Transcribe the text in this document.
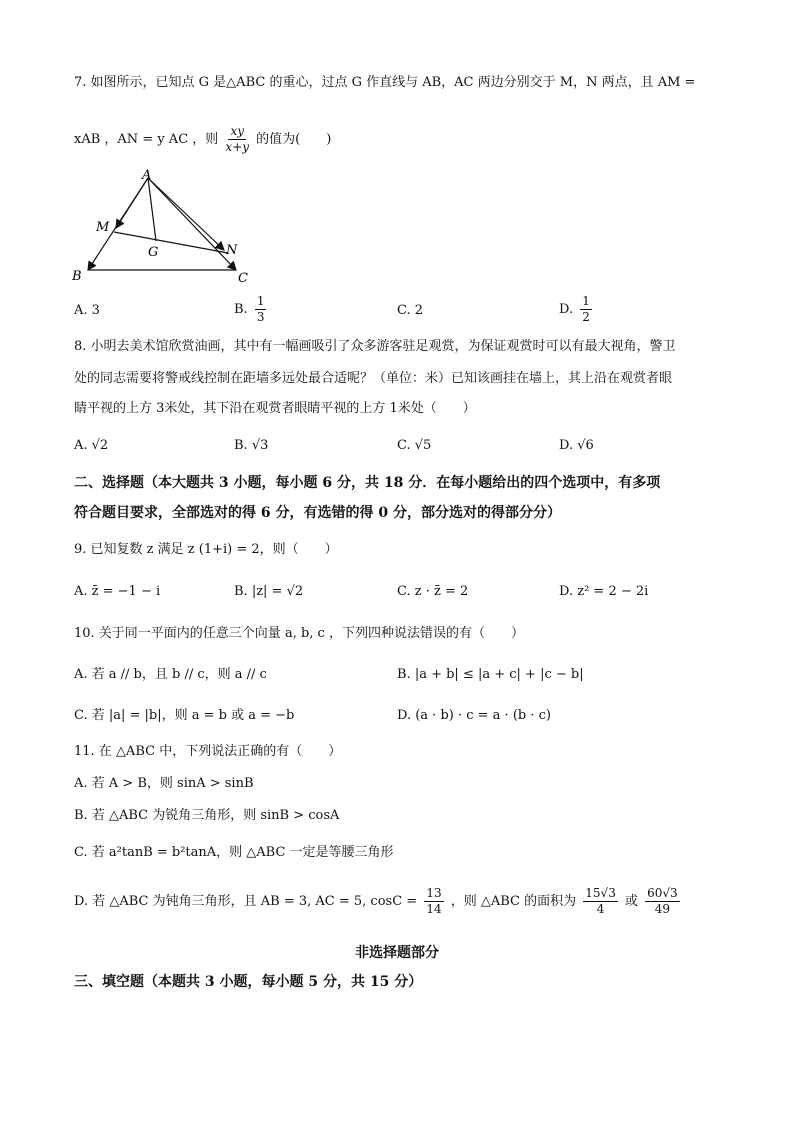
7. 如图所示，已知点 G 是△ABC 的重心，过点 G 作直线与 AB，AC 两边分别交于 M，N 两点，且 AM =
xAB ，AN = y AC ，则 $\frac{xy}{x+y}$ 的值为(　　)
A
M
G	N
B	C
A. 3	B. $\frac{1}{3}$	C. 2	D. $\frac{1}{2}$
8. 小明去美术馆欣赏油画，其中有一幅画吸引了众多游客驻足观赏，为保证观赏时可以有最大视角，警卫
处的同志需要将警戒线控制在距墙多远处最合适呢？（单位：米）已知该画挂在墙上，其上沿在观赏者眼
睛平视的上方 3米处，其下沿在观赏者眼睛平视的上方 1米处（　　）
A. √2	B. √3	C. √5	D. √6
二、选择题（本大题共 3 小题，每小题 6 分，共 18 分．在每小题给出的四个选项中，有多项
符合题目要求，全部选对的得 6 分，有选错的得 0 分，部分选对的得部分分）
9. 已知复数 z 满足 z (1+i) = 2，则（　　）
A. z̄ = −1 − i	B. |z| = √2	C. z · z̄ = 2	D. z² = 2 − 2i
10. 关于同一平面内的任意三个向量 a, b, c ，下列四种说法错误的有（　　）
A. 若 a // b，且 b // c，则 a // c	B. |a + b| ≤ |a + c| + |c − b|
C. 若 |a| = |b|，则 a = b 或 a = −b	D. (a · b) · c = a · (b · c)
11. 在 △ABC 中，下列说法正确的有（　　）
A. 若 A > B，则 sinA > sinB
B. 若 △ABC 为锐角三角形，则 sinB > cosA
C. 若 a²tanB = b²tanA，则 △ABC 一定是等腰三角形
D. 若 △ABC 为钝角三角形，且 AB = 3, AC = 5, $\cos C = \frac{13}{14}$ ，则 △ABC 的面积为 $\frac{15√3}{4}$ 或 $\frac{60√3}{49}$
非选择题部分
三、填空题（本题共 3 小题，每小题 5 分，共 15 分）
